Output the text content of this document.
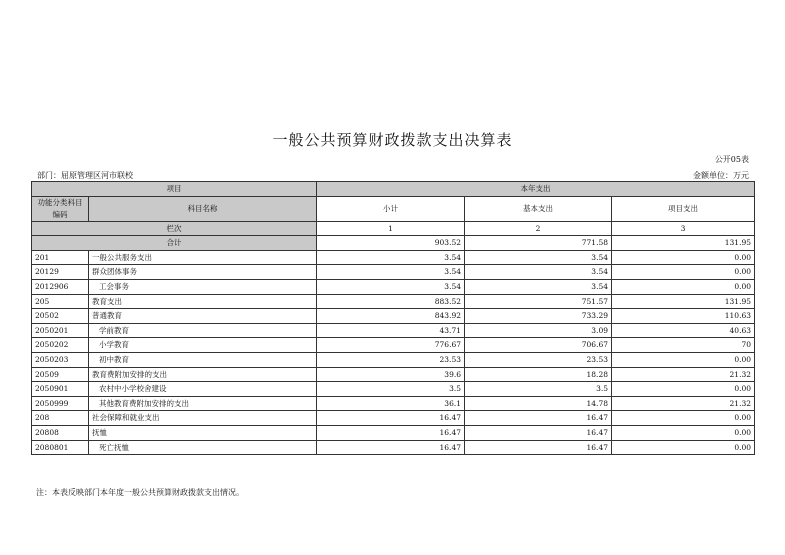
一般公共预算财政拨款支出决算表
公开05表
部门：屈原管理区河市联校	金额单位：万元
项目		本年支出		
功能分类科目编码	科目名称	小计	基本支出	项目支出
栏次		1	2	3
合计		903.52	771.58	131.95
201	一般公共服务支出	3.54	3.54	0.00
20129	群众团体事务	3.54	3.54	0.00
2012906	工会事务	3.54	3.54	0.00
205	教育支出	883.52	751.57	131.95
20502	普通教育	843.92	733.29	110.63
2050201	学前教育	43.71	3.09	40.63
2050202	小学教育	776.67	706.67	70
2050203	初中教育	23.53	23.53	0.00
20509	教育费附加安排的支出	39.6	18.28	21.32
2050901	农村中小学校舍建设	3.5	3.5	0.00
2050999	其他教育费附加安排的支出	36.1	14.78	21.32
208	社会保障和就业支出	16.47	16.47	0.00
20808	抚恤	16.47	16.47	0.00
2080801	死亡抚恤	16.47	16.47	0.00
注：本表反映部门本年度一般公共预算财政拨款支出情况。
